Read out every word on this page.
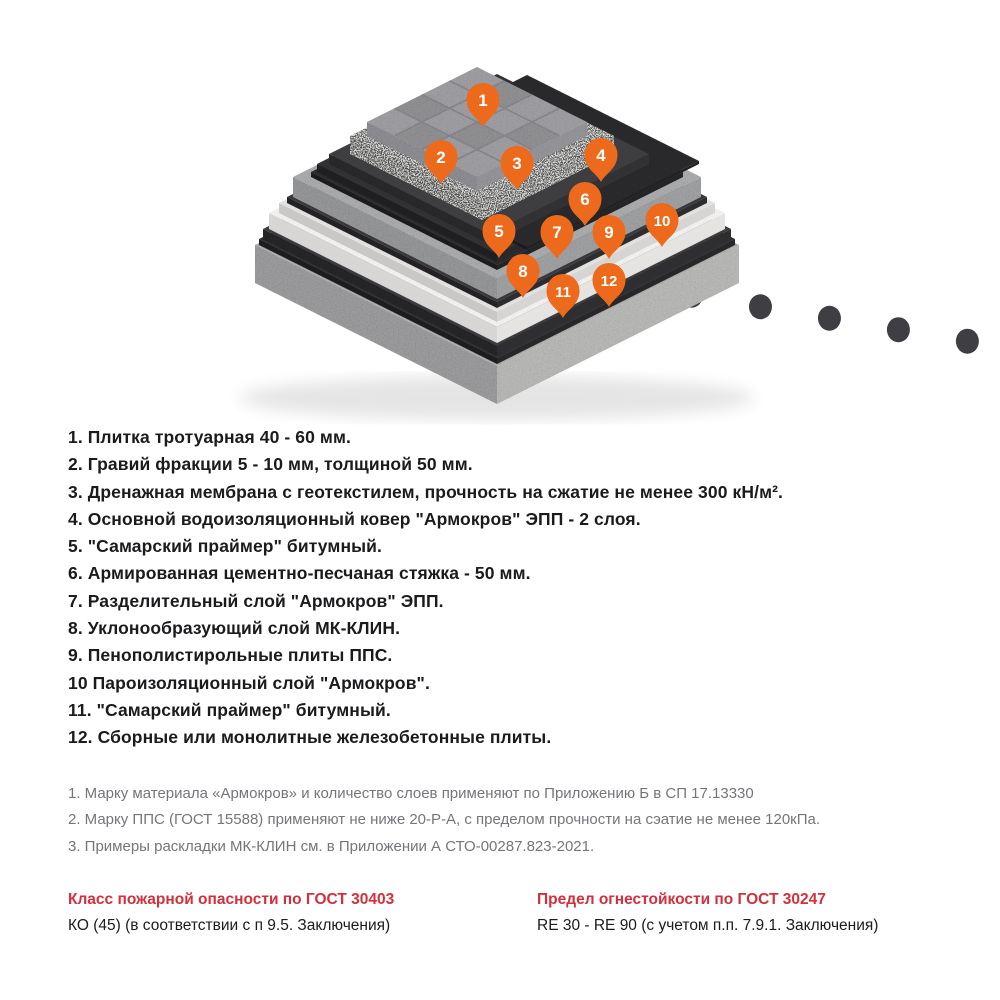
1
2	3	4
5
6
7
8
9
10
11
12
1. Плитка тротуарная 40 - 60 мм.
2. Гравий фракции 5 - 10 мм, толщиной 50 мм.
3. Дренажная мембрана с геотекстилем, прочность на сжатие не менее 300 кН/м².
4. Основной водоизоляционный ковер "Армокров" ЭПП - 2 слоя.
5. "Самарский праймер" битумный.
6. Армированная цементно-песчаная стяжка - 50 мм.
7. Разделительный слой "Армокров" ЭПП.
8. Уклонообразующий слой МК-КЛИН.
9. Пенополистирольные плиты ППС.
10 Пароизоляционный слой "Армокров".
11. "Самарский праймер" битумный.
12. Сборные или монолитные железобетонные плиты.
1. Марку материала «Армокров» и количество слоев применяют по Приложению Б в СП 17.13330
2. Марку ППС (ГОСТ 15588) применяют не ниже 20-Р-А, с пределом прочности на сэатие не менее 120кПа.
3. Примеры раскладки МК-КЛИН см. в Приложении А СТО-00287.823-2021.
Класс пожарной опасности по ГОСТ 30403
КО (45) (в соответствии с п 9.5. Заключения)
Предел огнестойкости по ГОСТ 30247
RE 30 - RE 90 (с учетом п.п. 7.9.1. Заключения)
